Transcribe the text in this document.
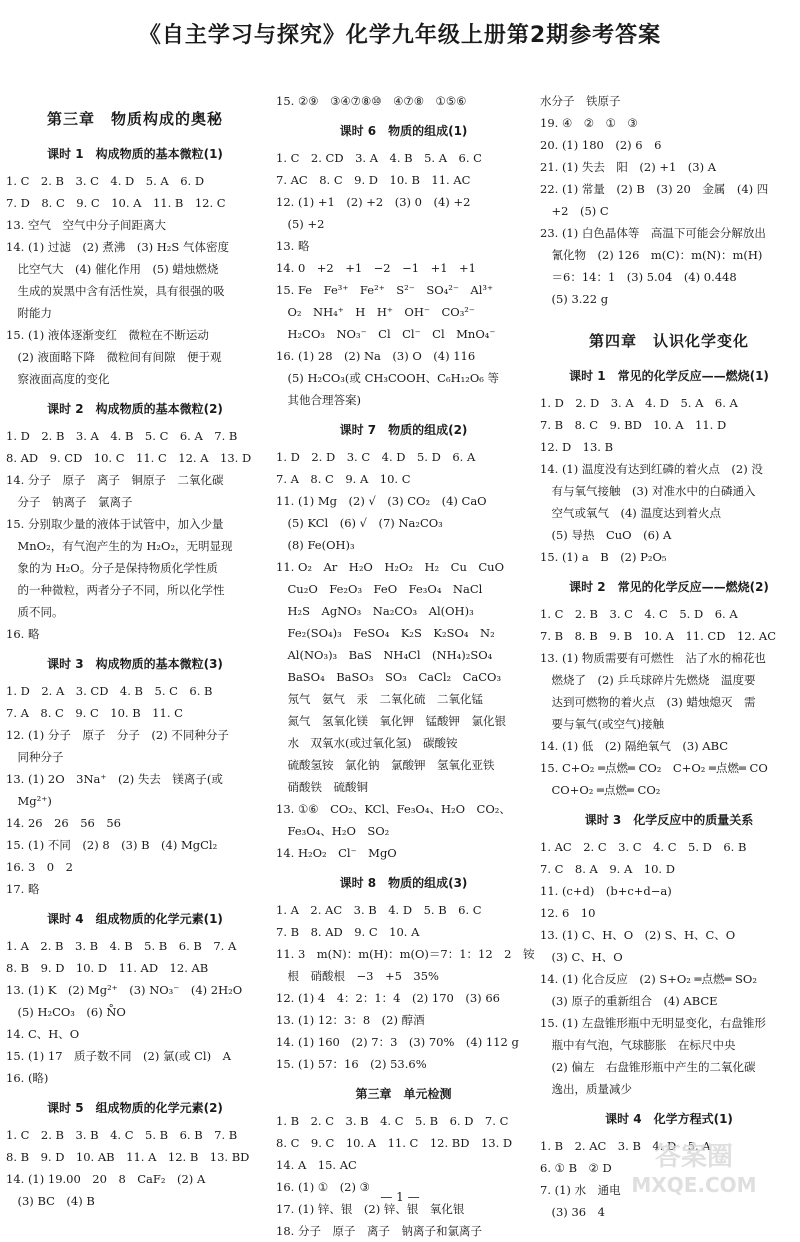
《自主学习与探究》化学九年级上册第2期参考答案
第三章　物质构成的奥秘
课时 1　构成物质的基本微粒(1)
1. C　2. B　3. C　4. D　5. A　6. D
7. D　8. C　9. C　10. A　11. B　12. C
13. 空气　空气中分子间距离大
14. (1) 过滤　(2) 煮沸　(3) H₂S 气体密度
　比空气大　(4) 催化作用　(5) 蜡烛燃烧
　生成的炭黑中含有活性炭，具有很强的吸
　附能力
15. (1) 液体逐渐变红　微粒在不断运动
　(2) 液面略下降　微粒间有间隙　便于观
　察液面高度的变化
课时 2　构成物质的基本微粒(2)
1. D　2. B　3. A　4. B　5. C　6. A　7. B
8. AD　9. CD　10. C　11. C　12. A　13. D
14. 分子　原子　离子　铜原子　二氧化碳
　分子　钠离子　氯离子
15. 分别取少量的液体于试管中，加入少量
　MnO₂，有气泡产生的为 H₂O₂，无明显现
　象的为 H₂O。分子是保持物质化学性质
　的一种微粒，两者分子不同，所以化学性
　质不同。
16. 略
课时 3　构成物质的基本微粒(3)
1. D　2. A　3. CD　4. B　5. C　6. B
7. A　8. C　9. C　10. B　11. C
12. (1) 分子　原子　分子　(2) 不同种分子
　同种分子
13. (1) 2O　3Na⁺　(2) 失去　镁离子(或
　Mg²⁺)
14. 26　26　56　56
15. (1) 不同　(2) 8　(3) B　(4) MgCl₂
16. 3　0　2
17. 略
课时 4　组成物质的化学元素(1)
1. A　2. B　3. B　4. B　5. B　6. B　7. A
8. B　9. D　10. D　11. AD　12. AB
13. (1) K　(2) Mg²⁺　(3) NO₃⁻　(4) 2H₂O
　(5) H₂CO₃　(6) N̊O
14. C、H、O
15. (1) 17　质子数不同　(2) 氯(或 Cl)　A
16. (略)
课时 5　组成物质的化学元素(2)
1. C　2. B　3. B　4. C　5. B　6. B　7. B
8. B　9. D　10. AB　11. A　12. B　13. BD
14. (1) 19.00　20　8　CaF₂　(2) A
　(3) BC　(4) B
15. ②⑨　③④⑦⑧⑩　④⑦⑧　①⑤⑥
课时 6　物质的组成(1)
1. C　2. CD　3. A　4. B　5. A　6. C
7. AC　8. C　9. D　10. B　11. AC
12. (1) +1　(2) +2　(3) 0　(4) +2
　(5) +2
13. 略
14. 0　+2　+1　−2　−1　+1　+1
15. Fe　Fe³⁺　Fe²⁺　S²⁻　SO₄²⁻　Al³⁺
　O₂　NH₄⁺　H　H⁺　OH⁻　CO₃²⁻
　H₂CO₃　NO₃⁻　Cl　Cl⁻　Cl　MnO₄⁻
16. (1) 28　(2) Na　(3) O　(4) 116
　(5) H₂CO₃(或 CH₃COOH、C₆H₁₂O₆ 等
　其他合理答案)
课时 7　物质的组成(2)
1. D　2. D　3. C　4. D　5. D　6. A
7. A　8. C　9. A　10. C
11. (1) Mg　(2) √　(3) CO₂　(4) CaO
　(5) KCl　(6) √　(7) Na₂CO₃
　(8) Fe(OH)₃
11. O₂　Ar　H₂O　H₂O₂　H₂　Cu　CuO
　Cu₂O　Fe₂O₃　FeO　Fe₃O₄　NaCl
　H₂S　AgNO₃　Na₂CO₃　Al(OH)₃
　Fe₂(SO₄)₃　FeSO₄　K₂S　K₂SO₄　N₂
　Al(NO₃)₃　BaS　NH₄Cl　(NH₄)₂SO₄
　BaSO₄　BaSO₃　SO₃　CaCl₂　CaCO₃
　氖气　氨气　汞　二氧化硫　二氧化锰
　氮气　氢氧化镁　氧化钾　锰酸钾　氯化银
　水　双氧水(或过氧化氢)　碳酸铵
　硫酸氢铵　氯化钠　氯酸钾　氢氧化亚铁
　硝酸铁　硫酸铜
13. ①⑥　CO₂、KCl、Fe₃O₄、H₂O　CO₂、
　Fe₃O₄、H₂O　SO₂
14. H₂O₂　Cl⁻　MgO
课时 8　物质的组成(3)
1. A　2. AC　3. B　4. D　5. B　6. C
7. B　8. AD　9. C　10. A
11. 3　m(N)：m(H)：m(O)＝7：1：12　2　铵
　根　硝酸根　−3　+5　35%
12. (1) 4　4：2：1：4　(2) 170　(3) 66
13. (1) 12：3：8　(2) 醇酒
14. (1) 160　(2) 7：3　(3) 70%　(4) 112 g
15. (1) 57：16　(2) 53.6%
第三章　单元检测
1. B　2. C　3. B　4. C　5. B　6. D　7. C
8. C　9. C　10. A　11. C　12. BD　13. D
14. A　15. AC
16. (1) ①　(2) ③
17. (1) 锌、银　(2) 锌、银　氧化银
18. 分子　原子　离子　钠离子和氯离子
水分子　铁原子
19. ④　②　①　③
20. (1) 180　(2) 6　6
21. (1) 失去　阳　(2) +1　(3) A
22. (1) 常量　(2) B　(3) 20　金属　(4) 四
　+2　(5) C
23. (1) 白色晶体等　高温下可能会分解放出
　氰化物　(2) 126　m(C)：m(N)：m(H)
　＝6：14：1　(3) 5.04　(4) 0.448
　(5) 3.22 g
第四章　认识化学变化
课时 1　常见的化学反应——燃烧(1)
1. D　2. D　3. A　4. D　5. A　6. A
7. B　8. C　9. BD　10. A　11. D
12. D　13. B
14. (1) 温度没有达到红磷的着火点　(2) 没
　有与氧气接触　(3) 对准水中的白磷通入
　空气或氧气　(4) 温度达到着火点
　(5) 导热　CuO　(6) A
15. (1) a　B　(2) P₂O₅
课时 2　常见的化学反应——燃烧(2)
1. C　2. B　3. C　4. C　5. D　6. A
7. B　8. B　9. B　10. A　11. CD　12. AC
13. (1) 物质需要有可燃性　沾了水的棉花也
　燃烧了　(2) 乒乓球碎片先燃烧　温度要
　达到可燃物的着火点　(3) 蜡烛熄灭　需
　要与氧气(或空气)接触
14. (1) 低　(2) 隔绝氧气　(3) ABC
15. C+O₂ ═点燃═ CO₂　C+O₂ ═点燃═ CO
　CO+O₂ ═点燃═ CO₂
课时 3　化学反应中的质量关系
1. AC　2. C　3. C　4. C　5. D　6. B
7. C　8. A　9. A　10. D
11. (c+d)　(b+c+d−a)
12. 6　10
13. (1) C、H、O　(2) S、H、C、O
　(3) C、H、O
14. (1) 化合反应　(2) S+O₂ ═点燃═ SO₂
　(3) 原子的重新组合　(4) ABCE
15. (1) 左盘锥形瓶中无明显变化，右盘锥形
　瓶中有气泡，气球膨胀　在标尺中央
　(2) 偏左　右盘锥形瓶中产生的二氧化碳
　逸出，质量减少
课时 4　化学方程式(1)
1. B　2. AC　3. B　4. D　5. A
6. ① B　② D
7. (1) 水　通电
　(3) 36　4
答案圈
MXQE.COM
— 1 —
